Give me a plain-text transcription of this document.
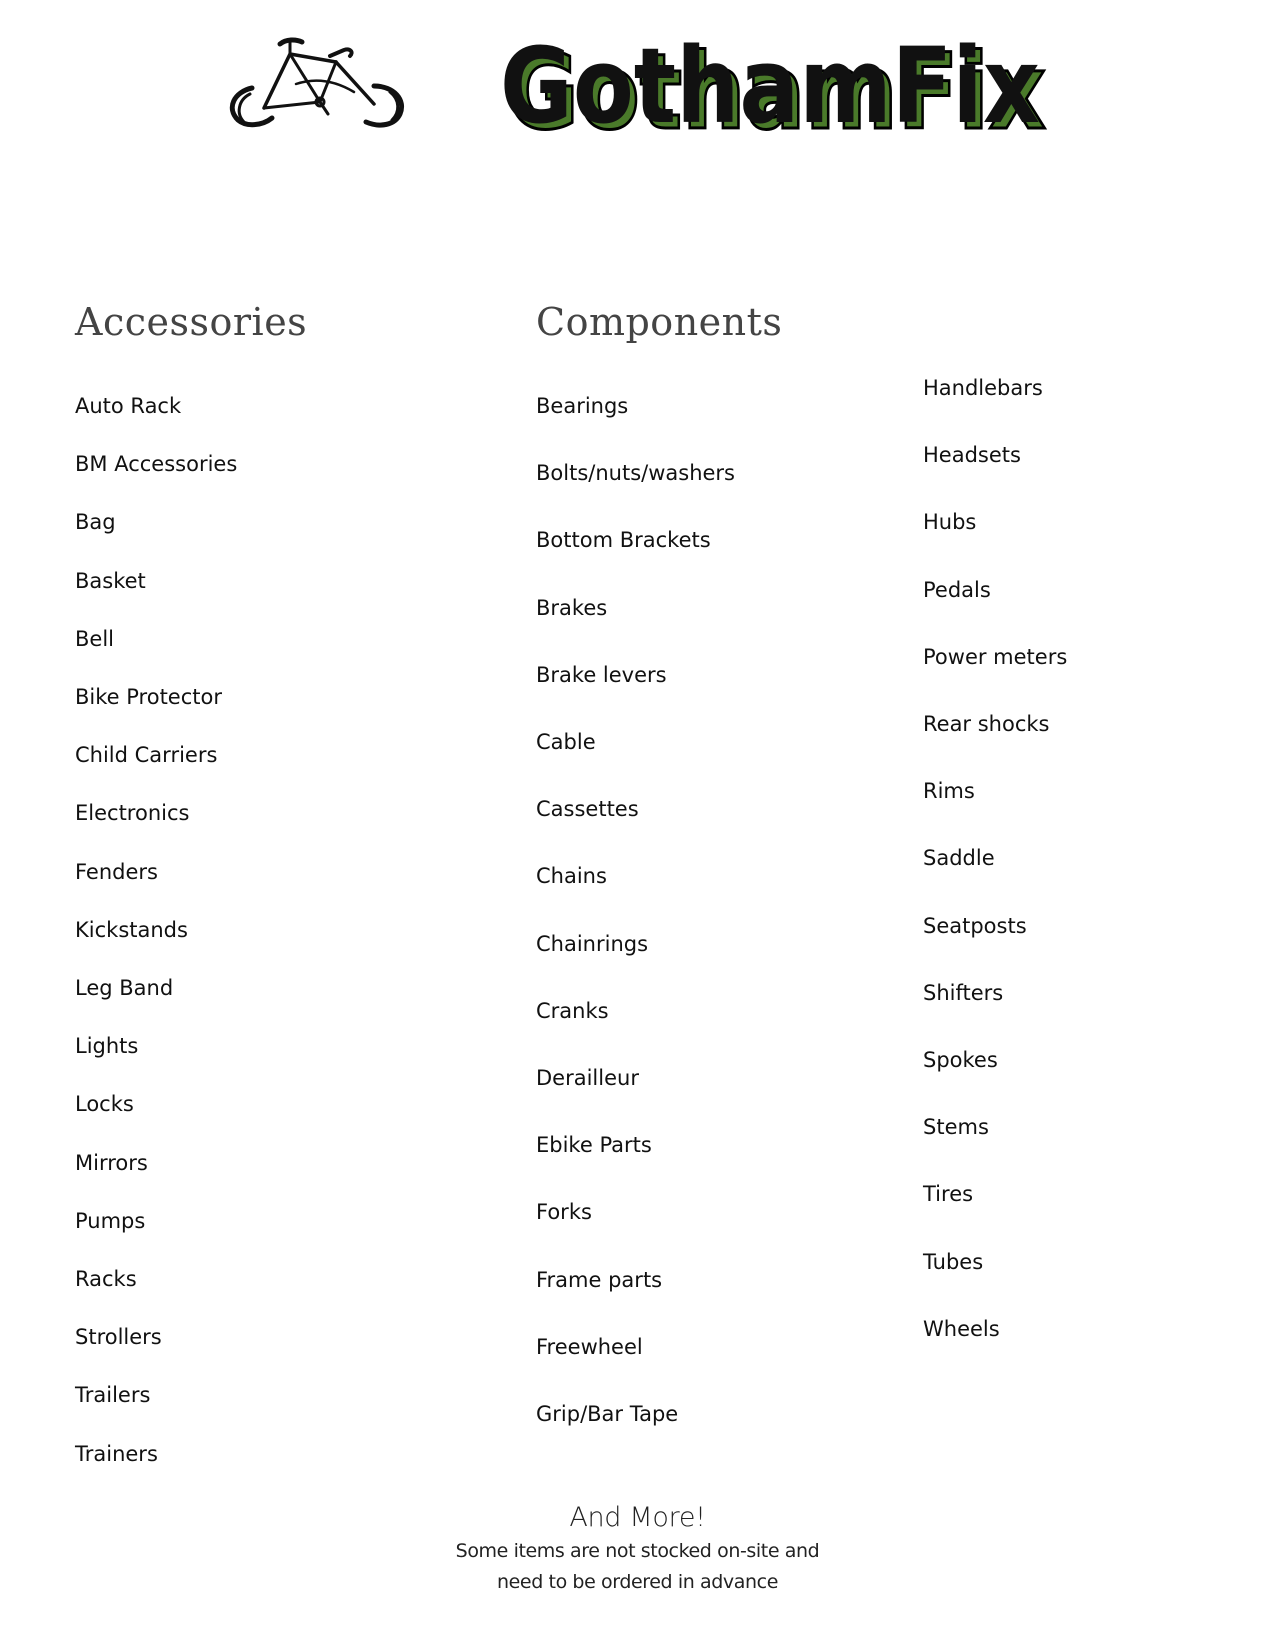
GothamFix
GothamFix
Accessories	Components
Auto Rack
BM Accessories
Bag
Basket
Bell
Bike Protector
Child Carriers
Electronics
Fenders
Kickstands
Leg Band
Lights
Locks
Mirrors
Pumps
Racks
Strollers
Trailers
Trainers
Bearings
Bolts/nuts/washers
Bottom Brackets
Brakes
Brake levers
Cable
Cassettes
Chains
Chainrings
Cranks
Derailleur
Ebike Parts
Forks
Frame parts
Freewheel
Grip/Bar Tape
Handlebars
Headsets
Hubs
Pedals
Power meters
Rear shocks
Rims
Saddle
Seatposts
Shifters
Spokes
Stems
Tires
Tubes
Wheels
And More!
Some items are not stocked on-site and
need to be ordered in advance
